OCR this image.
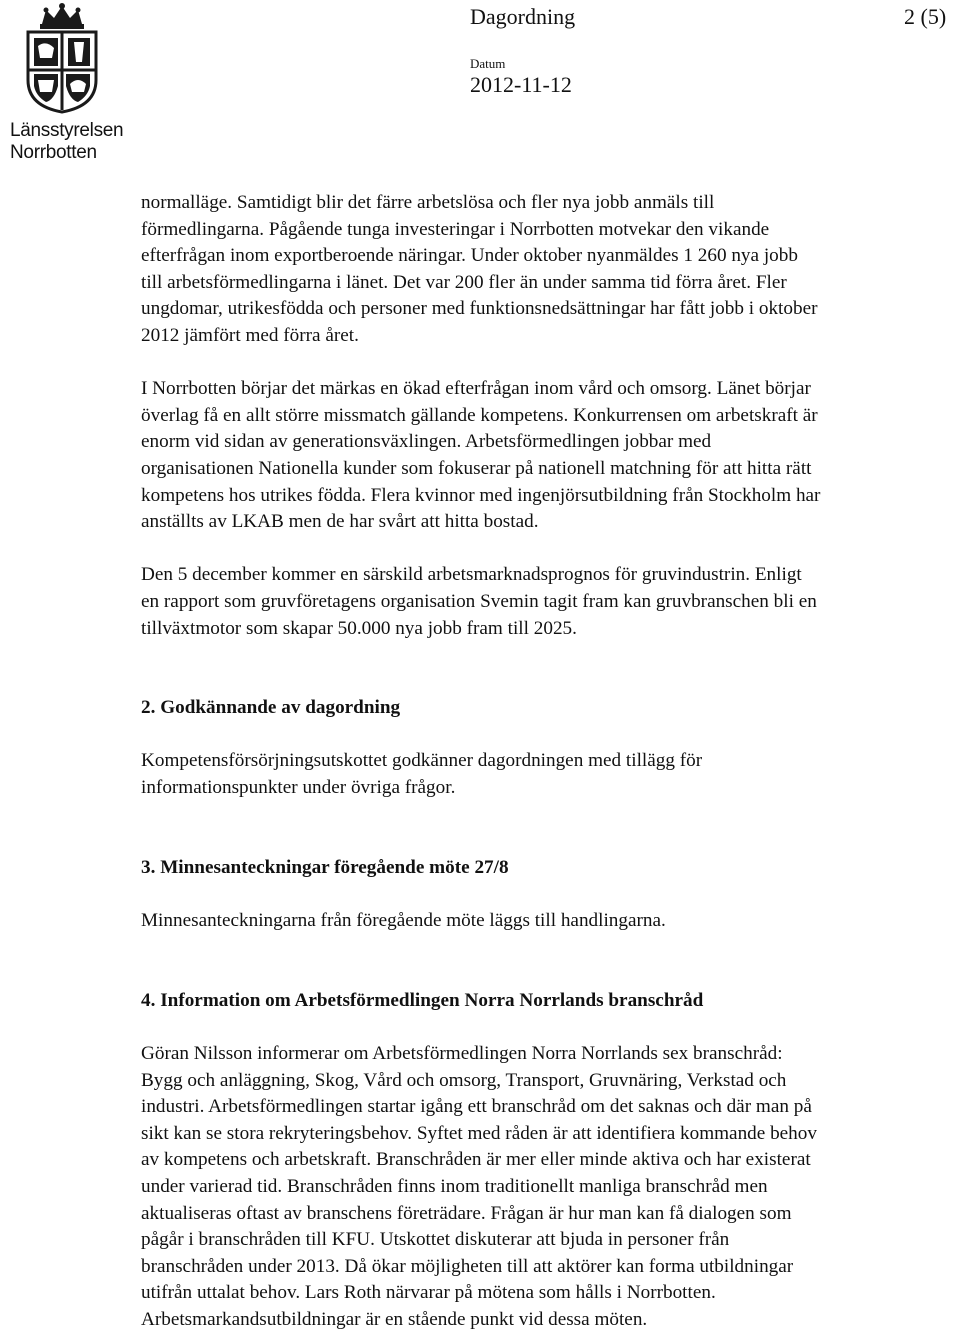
Länsstyrelsen
Norrbotten
Dagordning	2 (5)
Datum
2012-11-12
normalläge. Samtidigt blir det färre arbetslösa och fler nya jobb anmäls till
förmedlingarna. Pågående tunga investeringar i Norrbotten motvekar den vikande
efterfrågan inom exportberoende näringar. Under oktober nyanmäldes 1 260 nya jobb
till arbetsförmedlingarna i länet. Det var 200 fler än under samma tid förra året. Fler
ungdomar, utrikesfödda och personer med funktionsnedsättningar har fått jobb i oktober
2012 jämfört med förra året.
I Norrbotten börjar det märkas en ökad efterfrågan inom vård och omsorg. Länet börjar
överlag få en allt större missmatch gällande kompetens. Konkurrensen om arbetskraft är
enorm vid sidan av generationsväxlingen. Arbetsförmedlingen jobbar med
organisationen Nationella kunder som fokuserar på nationell matchning för att hitta rätt
kompetens hos utrikes födda. Flera kvinnor med ingenjörsutbildning från Stockholm har
anställts av LKAB men de har svårt att hitta bostad.
Den 5 december kommer en särskild arbetsmarknadsprognos för gruvindustrin. Enligt
en rapport som gruvföretagens organisation Svemin tagit fram kan gruvbranschen bli en
tillväxtmotor som skapar 50.000 nya jobb fram till 2025.
2. Godkännande av dagordning
Kompetensförsörjningsutskottet godkänner dagordningen med tillägg för
informationspunkter under övriga frågor.
3. Minnesanteckningar föregående möte 27/8
Minnesanteckningarna från föregående möte läggs till handlingarna.
4. Information om Arbetsförmedlingen Norra Norrlands branschråd
Göran Nilsson informerar om Arbetsförmedlingen Norra Norrlands sex branschråd:
Bygg och anläggning, Skog, Vård och omsorg, Transport, Gruvnäring, Verkstad och
industri. Arbetsförmedlingen startar igång ett branschråd om det saknas och där man på
sikt kan se stora rekryteringsbehov. Syftet med råden är att identifiera kommande behov
av kompetens och arbetskraft. Branschråden är mer eller minde aktiva och har existerat
under varierad tid. Branschråden finns inom traditionellt manliga branschråd men
aktualiseras oftast av branschens företrädare. Frågan är hur man kan få dialogen som
pågår i branschråden till KFU. Utskottet diskuterar att bjuda in personer från
branschråden under 2013. Då ökar möjligheten till att aktörer kan forma utbildningar
utifrån uttalat behov. Lars Roth närvarar på mötena som hålls i Norrbotten.
Arbetsmarkandsutbildningar är en stående punkt vid dessa möten.
